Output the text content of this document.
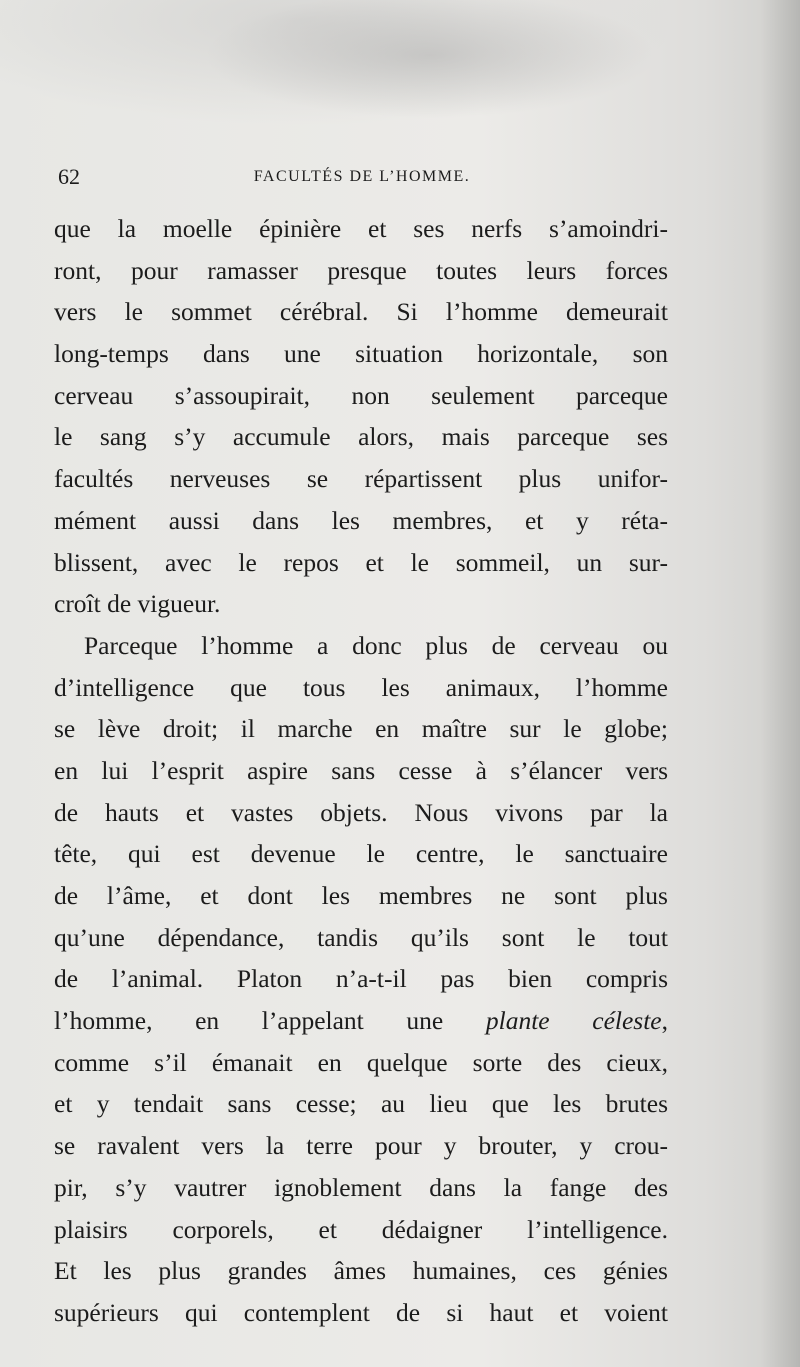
62	FACULTÉS DE L’HOMME.
que la moelle épinière et ses nerfs s’amoindri-
ront, pour ramasser presque toutes leurs forces
vers le sommet cérébral. Si l’homme demeurait
long-temps dans une situation horizontale, son
cerveau s’assoupirait, non seulement parceque
le sang s’y accumule alors, mais parceque ses
facultés nerveuses se répartissent plus unifor-
mément aussi dans les membres, et y réta-
blissent, avec le repos et le sommeil, un sur-
croît de vigueur.
Parceque l’homme a donc plus de cerveau ou
d’intelligence que tous les animaux, l’homme
se lève droit; il marche en maître sur le globe;
en lui l’esprit aspire sans cesse à s’élancer vers
de hauts et vastes objets. Nous vivons par la
tête, qui est devenue le centre, le sanctuaire
de l’âme, et dont les membres ne sont plus
qu’une dépendance, tandis qu’ils sont le tout
de l’animal. Platon n’a-t-il pas bien compris
l’homme, en l’appelant une plante céleste,
comme s’il émanait en quelque sorte des cieux,
et y tendait sans cesse; au lieu que les brutes
se ravalent vers la terre pour y brouter, y crou-
pir, s’y vautrer ignoblement dans la fange des
plaisirs corporels, et dédaigner l’intelligence.
Et les plus grandes âmes humaines, ces génies
supérieurs qui contemplent de si haut et voient
